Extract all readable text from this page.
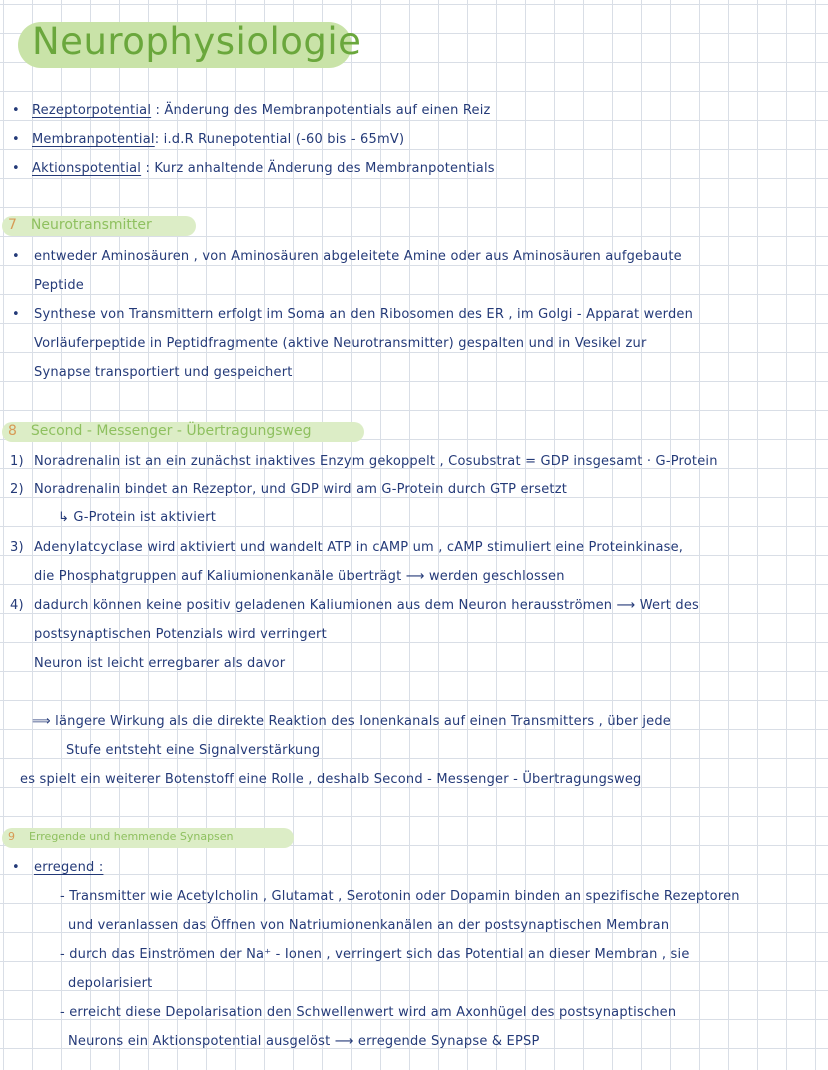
Neurophysiologie
• Rezeptorpotential : Änderung des Membranpotentials auf einen Reiz
• Membranpotential: i.d.R Runepotential (-60 bis - 65mV)
• Aktionspotential : Kurz anhaltende Änderung des Membranpotentials
7 Neurotransmitter
• entweder Aminosäuren , von Aminosäuren abgeleitete Amine oder aus Aminosäuren aufgebaute
Peptide
• Synthese von Transmittern erfolgt im Soma an den Ribosomen des ER , im Golgi - Apparat werden
Vorläuferpeptide in Peptidfragmente (aktive Neurotransmitter) gespalten und in Vesikel zur
Synapse transportiert und gespeichert
8 Second - Messenger - Übertragungsweg
1) Noradrenalin ist an ein zunächst inaktives Enzym gekoppelt , Cosubstrat = GDP insgesamt · G-Protein
2) Noradrenalin bindet an Rezeptor, und GDP wird am G-Protein durch GTP ersetzt
↳ G-Protein ist aktiviert
3) Adenylatcyclase wird aktiviert und wandelt ATP in cAMP um , cAMP stimuliert eine Proteinkinase,
die Phosphatgruppen auf Kaliumionenkanäle überträgt ⟶ werden geschlossen
4) dadurch können keine positiv geladenen Kaliumionen aus dem Neuron herausströmen ⟶ Wert des
postsynaptischen Potenzials wird verringert
Neuron ist leicht erregbarer als davor
⟹ längere Wirkung als die direkte Reaktion des Ionenkanals auf einen Transmitters , über jede
Stufe entsteht eine Signalverstärkung
es spielt ein weiterer Botenstoff eine Rolle , deshalb Second - Messenger - Übertragungsweg
9 Erregende und hemmende Synapsen
• erregend :
- Transmitter wie Acetylcholin , Glutamat , Serotonin oder Dopamin binden an spezifische Rezeptoren
und veranlassen das Öffnen von Natriumionenkanälen an der postsynaptischen Membran
- durch das Einströmen der Na⁺ - Ionen , verringert sich das Potential an dieser Membran , sie
depolarisiert
- erreicht diese Depolarisation den Schwellenwert wird am Axonhügel des postsynaptischen
Neurons ein Aktionspotential ausgelöst ⟶ erregende Synapse & EPSP
